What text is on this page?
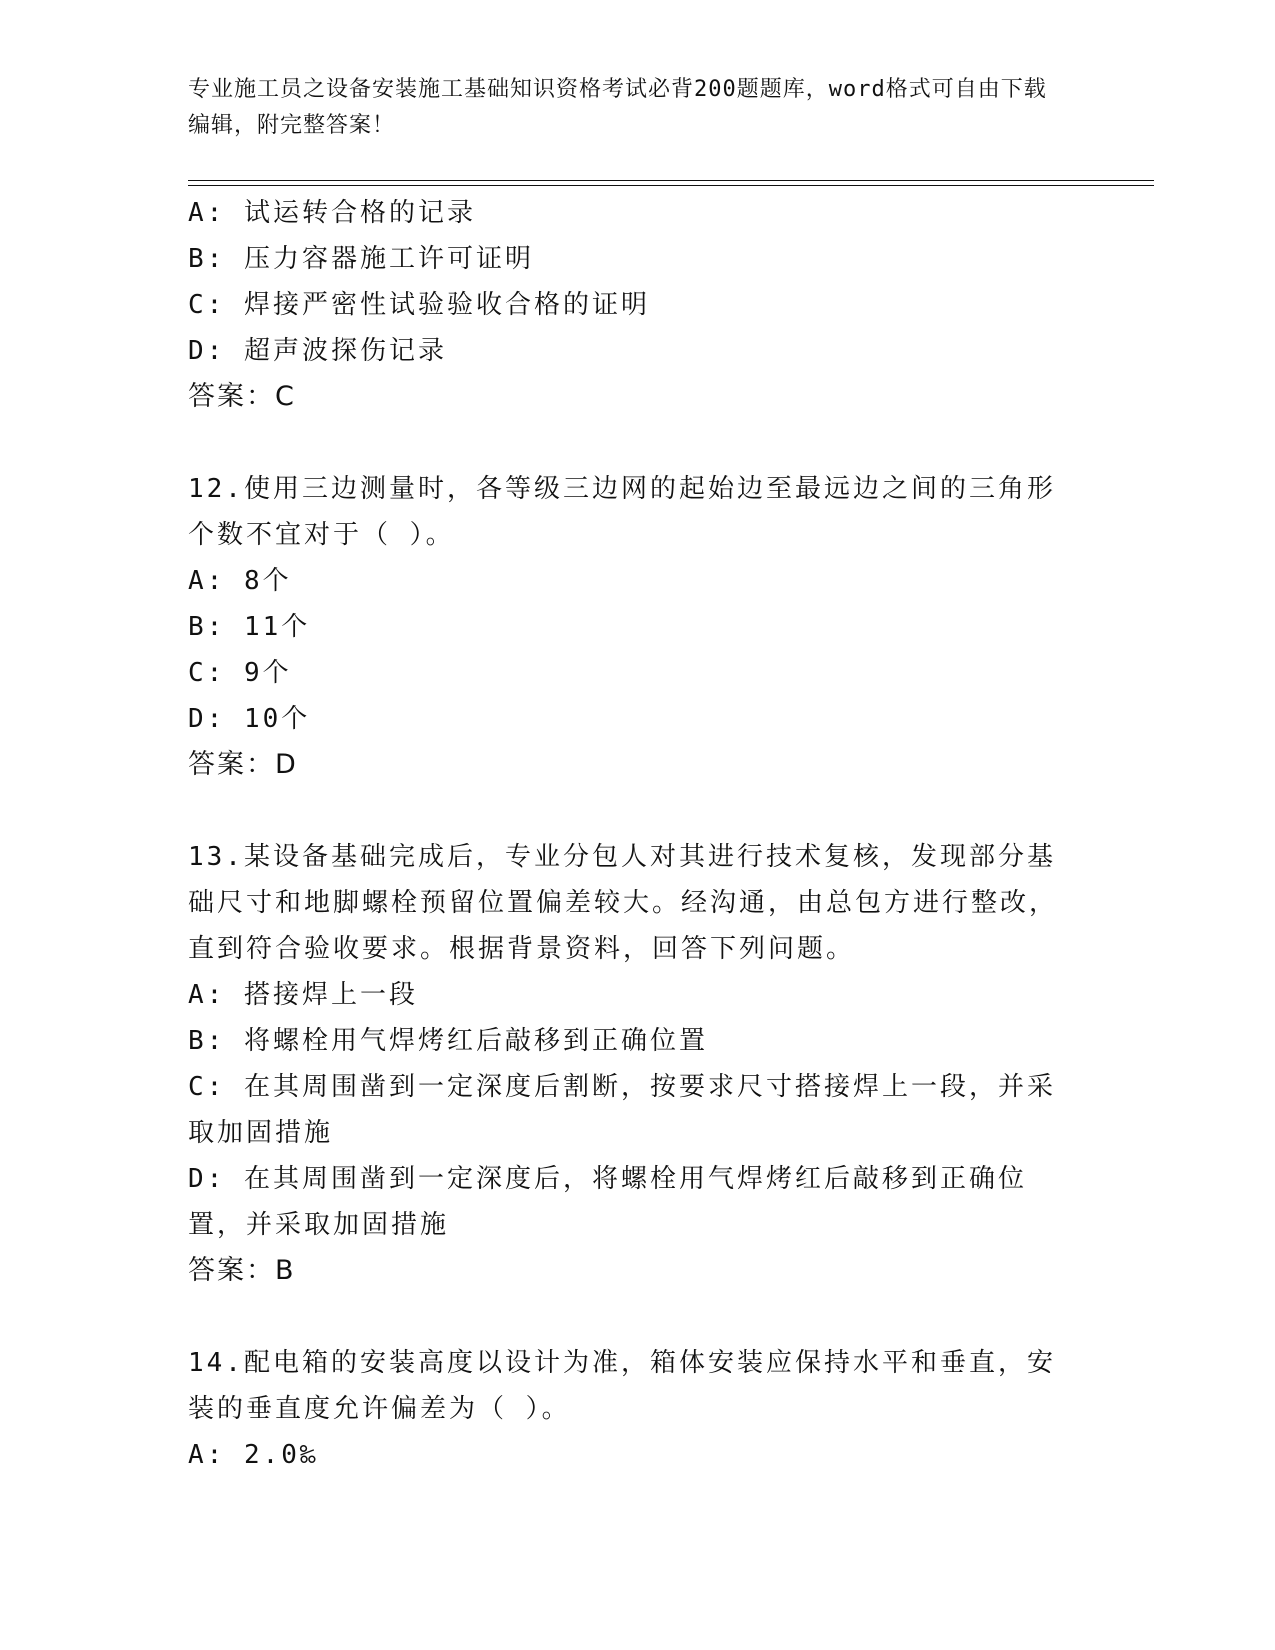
专业施工员之设备安装施工基础知识资格考试必背200题题库，word格式可自由下载编辑，附完整答案！
A: 试运转合格的记录
B: 压力容器施工许可证明
C: 焊接严密性试验验收合格的证明
D: 超声波探伤记录
答案：C
12.使用三边测量时，各等级三边网的起始边至最远边之间的三角形个数不宜对于（ ）。
A: 8个
B: 11个
C: 9个
D: 10个
答案：D
13.某设备基础完成后，专业分包人对其进行技术复核，发现部分基础尺寸和地脚螺栓预留位置偏差较大。经沟通，由总包方进行整改，直到符合验收要求。根据背景资料，回答下列问题。
A: 搭接焊上一段
B: 将螺栓用气焊烤红后敲移到正确位置
C: 在其周围凿到一定深度后割断，按要求尺寸搭接焊上一段，并采取加固措施
D: 在其周围凿到一定深度后，将螺栓用气焊烤红后敲移到正确位置，并采取加固措施
答案：B
14.配电箱的安装高度以设计为准，箱体安装应保持水平和垂直，安装的垂直度允许偏差为（ ）。
A: 2.0‰
